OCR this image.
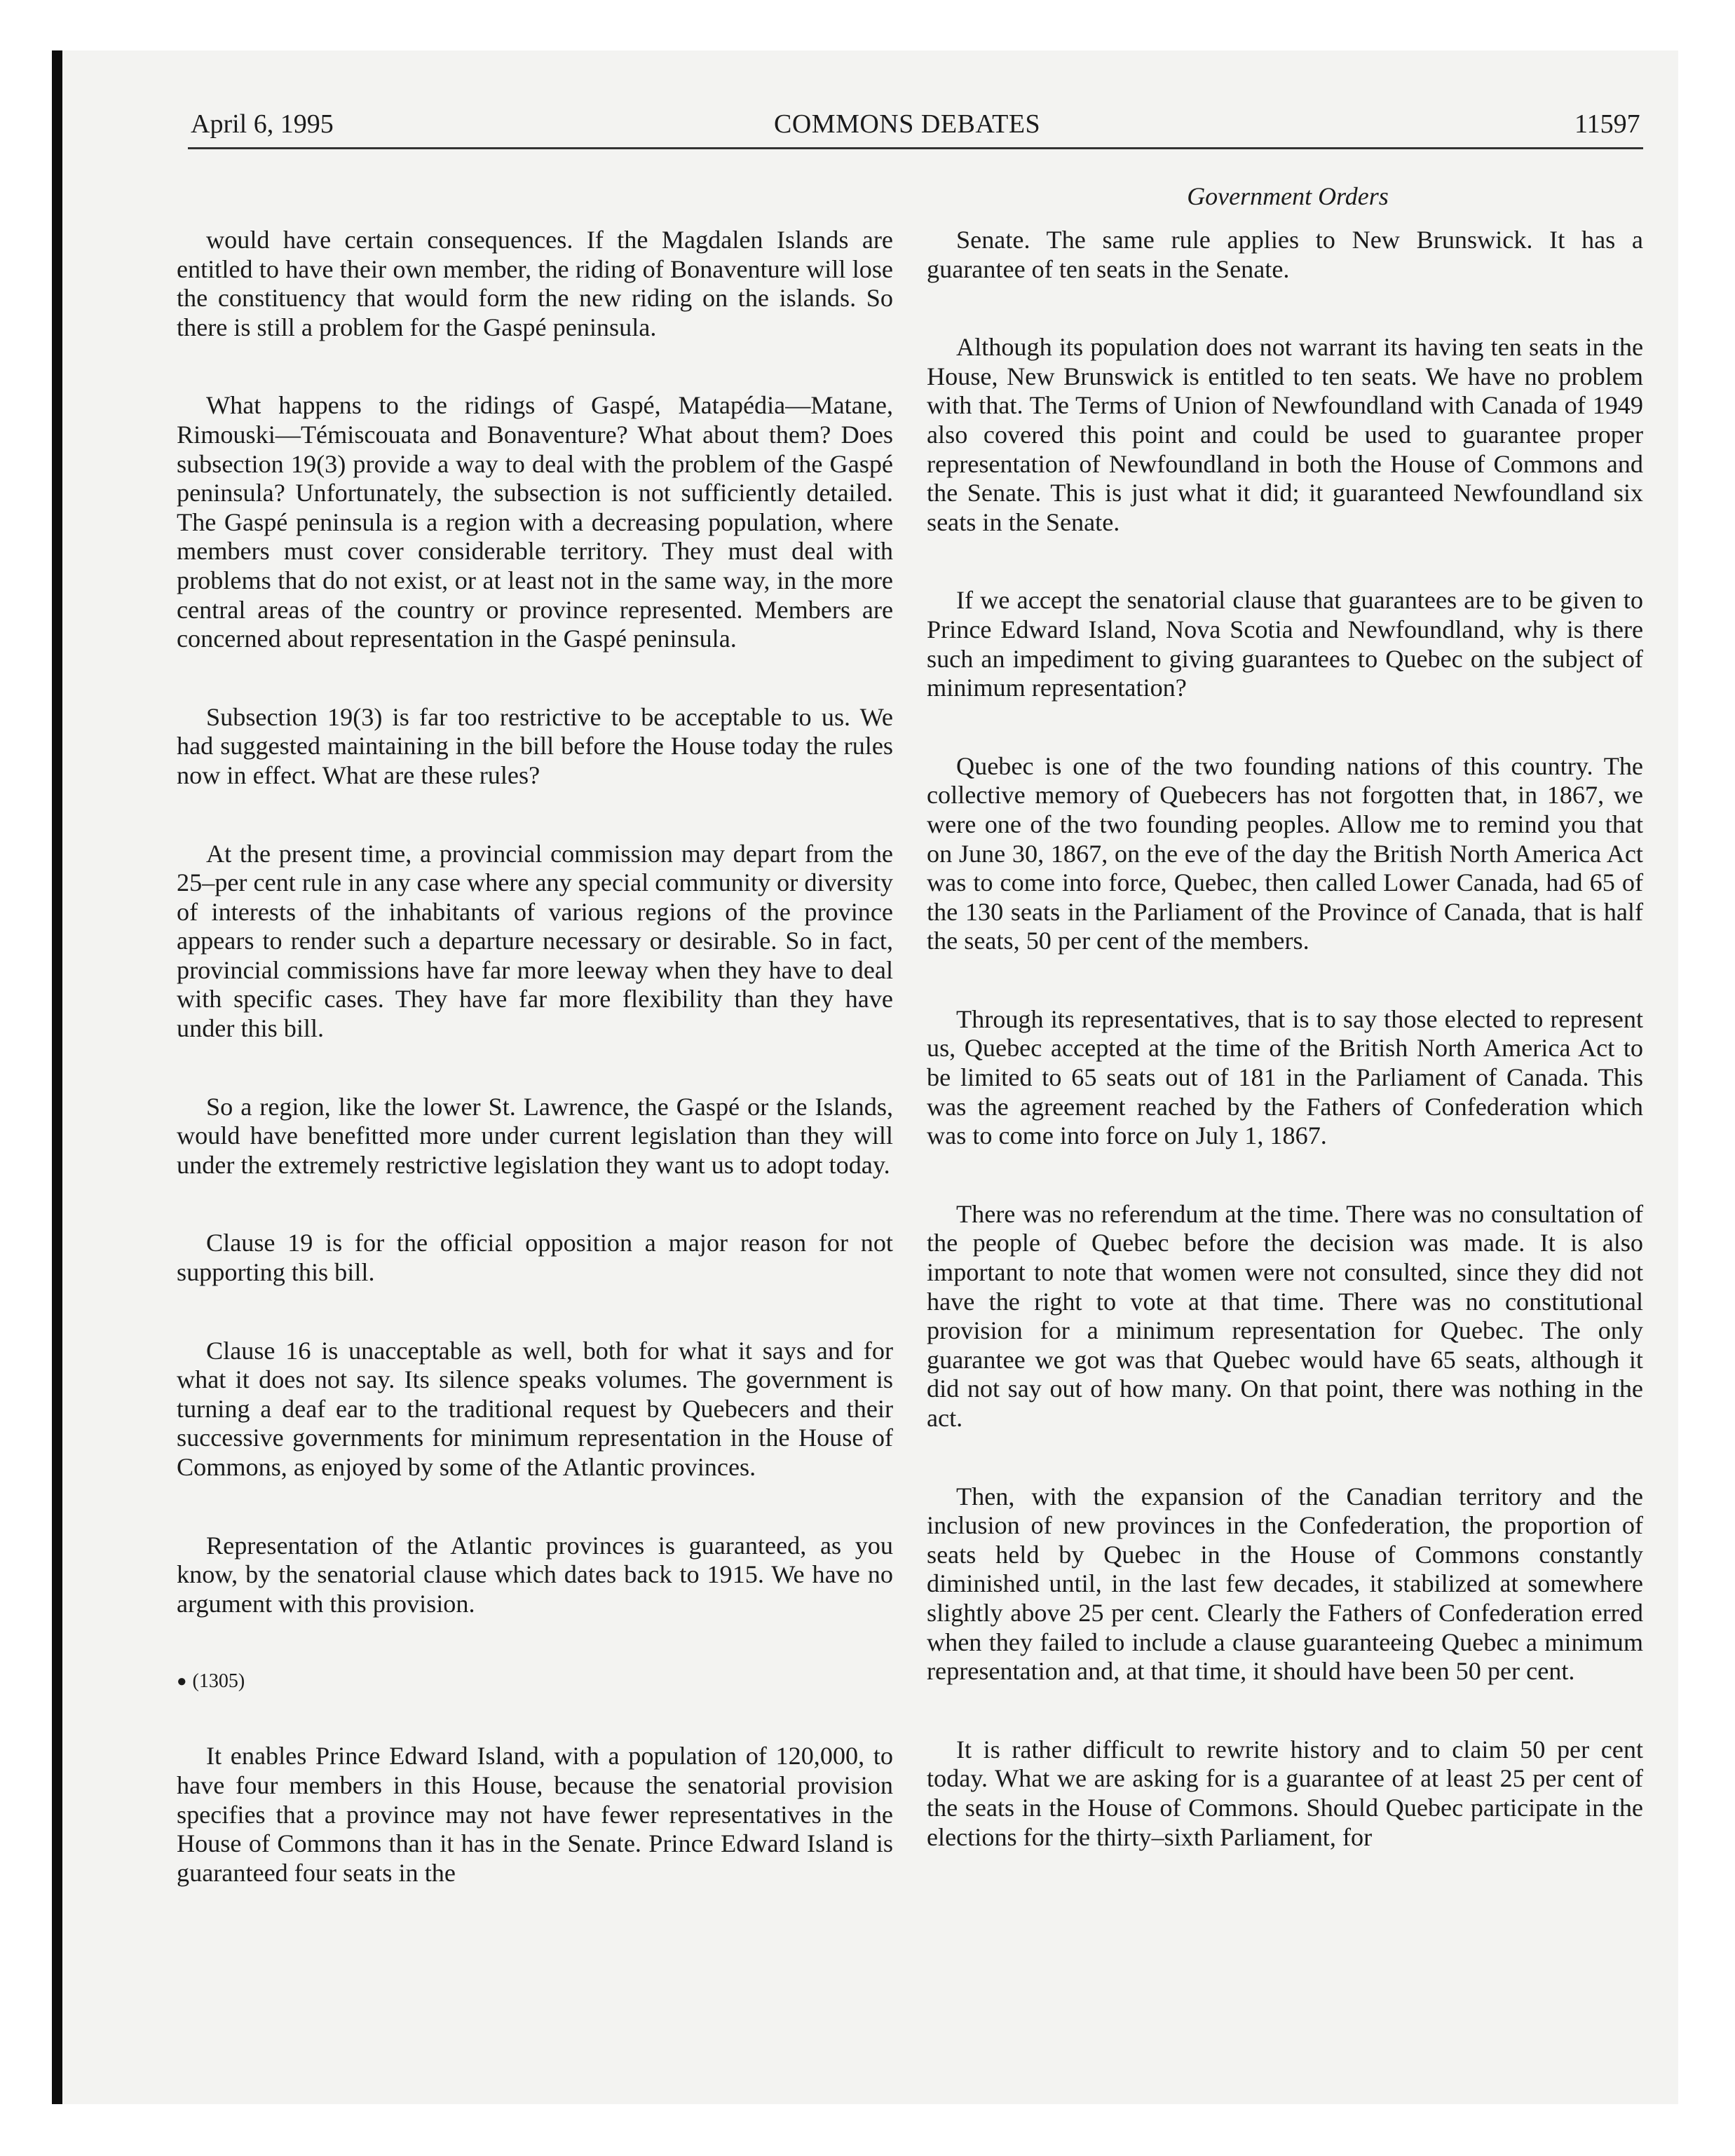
April 6, 1995	COMMONS DEBATES	11597
Government Orders

would have certain consequences. If the Magdalen Islands are entitled to have their own member, the riding of Bonaventure will lose the constituency that would form the new riding on the islands. So there is still a problem for the Gaspé peninsula.

What happens to the ridings of Gaspé, Matapédia—Matane, Rimouski—Témiscouata and Bonaventure? What about them? Does subsection 19(3) provide a way to deal with the problem of the Gaspé peninsula? Unfortunately, the subsection is not sufficiently detailed. The Gaspé peninsula is a region with a decreasing population, where members must cover considerable territory. They must deal with problems that do not exist, or at least not in the same way, in the more central areas of the country or province represented. Members are concerned about representation in the Gaspé peninsula.

Subsection 19(3) is far too restrictive to be acceptable to us. We had suggested maintaining in the bill before the House today the rules now in effect. What are these rules?

At the present time, a provincial commission may depart from the 25–per cent rule in any case where any special community or diversity of interests of the inhabitants of various regions of the province appears to render such a departure necessary or desirable. So in fact, provincial commissions have far more leeway when they have to deal with specific cases. They have far more flexibility than they have under this bill.

So a region, like the lower St. Lawrence, the Gaspé or the Islands, would have benefitted more under current legislation than they will under the extremely restrictive legislation they want us to adopt today.

Clause 19 is for the official opposition a major reason for not supporting this bill.

Clause 16 is unacceptable as well, both for what it says and for what it does not say. Its silence speaks volumes. The government is turning a deaf ear to the traditional request by Quebecers and their successive governments for minimum representation in the House of Commons, as enjoyed by some of the Atlantic provinces.

Representation of the Atlantic provinces is guaranteed, as you know, by the senatorial clause which dates back to 1915. We have no argument with this provision.

● (1305)

It enables Prince Edward Island, with a population of 120,000, to have four members in this House, because the senatorial provision specifies that a province may not have fewer representatives in the House of Commons than it has in the Senate. Prince Edward Island is guaranteed four seats in the

Senate. The same rule applies to New Brunswick. It has a guarantee of ten seats in the Senate.

Although its population does not warrant its having ten seats in the House, New Brunswick is entitled to ten seats. We have no problem with that. The Terms of Union of Newfoundland with Canada of 1949 also covered this point and could be used to guarantee proper representation of Newfoundland in both the House of Commons and the Senate. This is just what it did; it guaranteed Newfoundland six seats in the Senate.

If we accept the senatorial clause that guarantees are to be given to Prince Edward Island, Nova Scotia and Newfoundland, why is there such an impediment to giving guarantees to Quebec on the subject of minimum representation?

Quebec is one of the two founding nations of this country. The collective memory of Quebecers has not forgotten that, in 1867, we were one of the two founding peoples. Allow me to remind you that on June 30, 1867, on the eve of the day the British North America Act was to come into force, Quebec, then called Lower Canada, had 65 of the 130 seats in the Parliament of the Province of Canada, that is half the seats, 50 per cent of the members.

Through its representatives, that is to say those elected to represent us, Quebec accepted at the time of the British North America Act to be limited to 65 seats out of 181 in the Parliament of Canada. This was the agreement reached by the Fathers of Confederation which was to come into force on July 1, 1867.

There was no referendum at the time. There was no consultation of the people of Quebec before the decision was made. It is also important to note that women were not consulted, since they did not have the right to vote at that time. There was no constitutional provision for a minimum representation for Quebec. The only guarantee we got was that Quebec would have 65 seats, although it did not say out of how many. On that point, there was nothing in the act.

Then, with the expansion of the Canadian territory and the inclusion of new provinces in the Confederation, the proportion of seats held by Quebec in the House of Commons constantly diminished until, in the last few decades, it stabilized at somewhere slightly above 25 per cent. Clearly the Fathers of Confederation erred when they failed to include a clause guaranteeing Quebec a minimum representation and, at that time, it should have been 50 per cent.

It is rather difficult to rewrite history and to claim 50 per cent today. What we are asking for is a guarantee of at least 25 per cent of the seats in the House of Commons. Should Quebec participate in the elections for the thirty–sixth Parliament, for
